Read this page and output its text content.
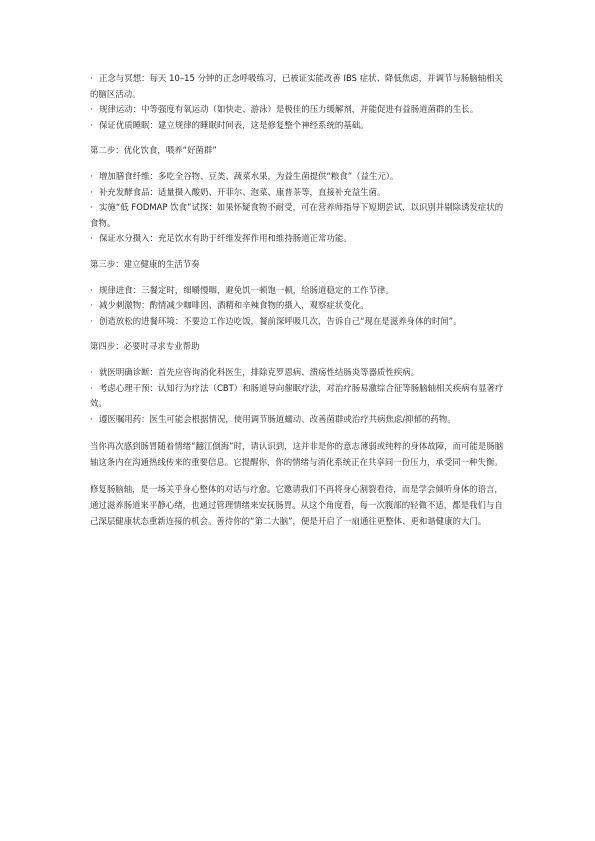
· 正念与冥想：每天 10–15 分钟的正念呼吸练习，已被证实能改善 IBS 症状、降低焦虑，并调节与肠脑轴相关的脑区活动。

· 规律运动：中等强度有氧运动（如快走、游泳）是极佳的压力缓解剂，并能促进有益肠道菌群的生长。

· 保证优质睡眠：建立规律的睡眠时间表，这是修复整个神经系统的基础。

第二步：优化饮食，喂养“好菌群”

· 增加膳食纤维：多吃全谷物、豆类、蔬菜水果，为益生菌提供“粮食”（益生元）。

· 补充发酵食品：适量摄入酸奶、开菲尔、泡菜、康普茶等，直接补充益生菌。

· 实施“低 FODMAP 饮食”试探：如果怀疑食物不耐受，可在营养师指导下短期尝试，以识别并剔除诱发症状的食物。

· 保证水分摄入：充足饮水有助于纤维发挥作用和维持肠道正常功能。

第三步：建立健康的生活节奏

· 规律进食：三餐定时，细嚼慢咽，避免饥一顿饱一顿，给肠道稳定的工作节律。

· 减少刺激物：酌情减少咖啡因、酒精和辛辣食物的摄入，观察症状变化。

· 创造放松的进餐环境：不要边工作边吃饭，餐前深呼吸几次，告诉自己“现在是滋养身体的时间”。

第四步：必要时寻求专业帮助

· 就医明确诊断：首先应咨询消化科医生，排除克罗恩病、溃疡性结肠炎等器质性疾病。

· 考虑心理干预：认知行为疗法（CBT）和肠道导向催眠疗法，对治疗肠易激综合征等肠脑轴相关疾病有显著疗效。

· 遵医嘱用药：医生可能会根据情况，使用调节肠道蠕动、改善菌群或治疗共病焦虑/抑郁的药物。

当你再次感到肠胃随着情绪“翻江倒海”时，请认识到，这并非是你的意志薄弱或纯粹的身体故障，而可能是肠脑轴这条内在沟通热线传来的重要信息。它提醒你，你的情绪与消化系统正在共享同一份压力，承受同一种失衡。

修复肠脑轴，是一场关乎身心整体的对话与疗愈。它邀请我们不再将身心割裂看待，而是学会倾听身体的语言，通过滋养肠道来平静心绪，也通过管理情绪来安抚肠胃。从这个角度看，每一次腹部的轻微不适，都是我们与自己深层健康状态重新连接的机会。善待你的“第二大脑”，便是开启了一扇通往更整体、更和谐健康的大门。
